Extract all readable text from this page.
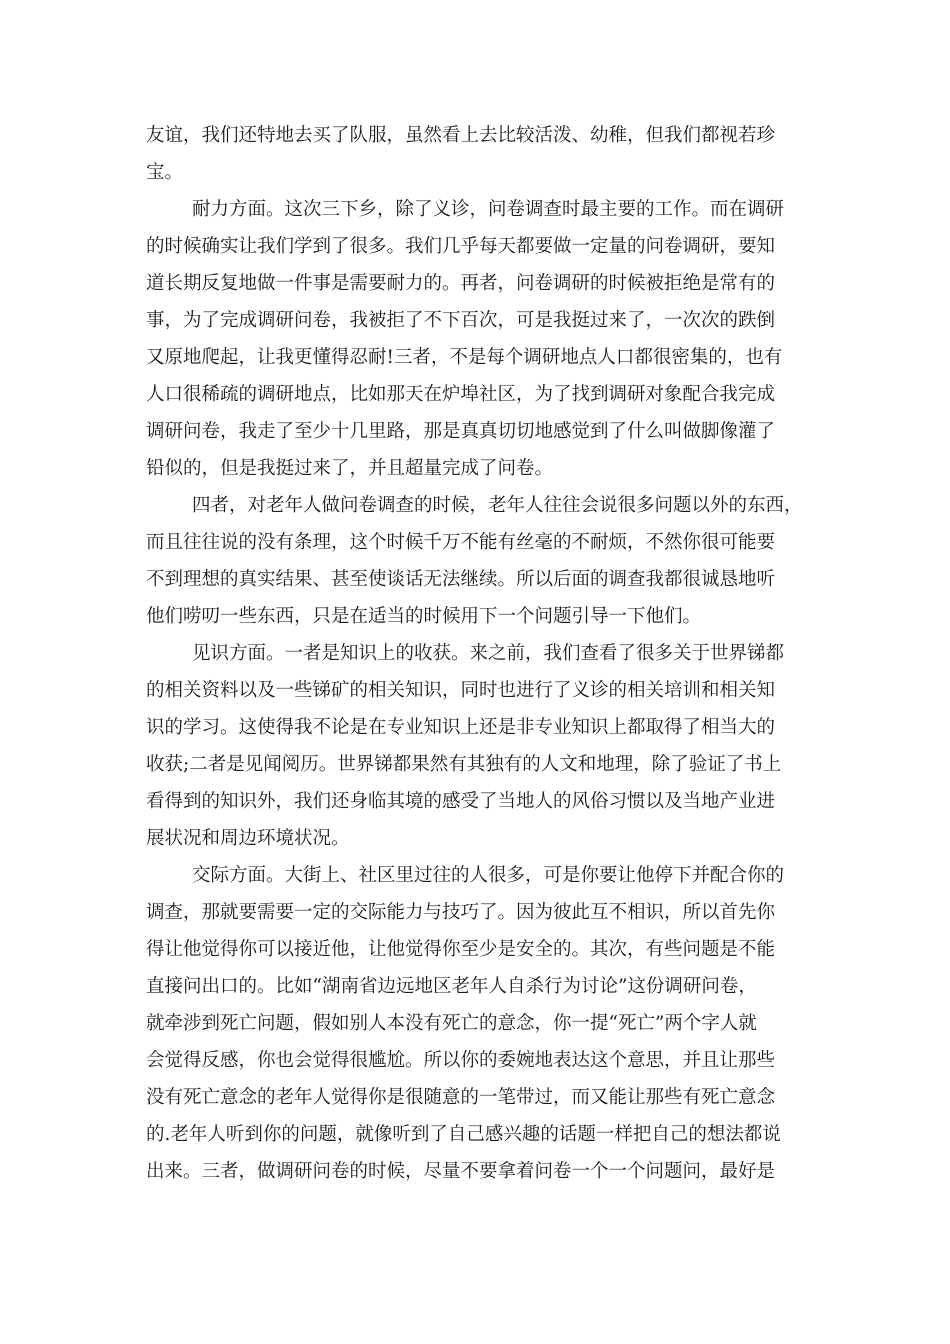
友谊，我们还特地去买了队服，虽然看上去比较活泼、幼稚，但我们都视若珍
宝。
耐力方面。这次三下乡，除了义诊，问卷调查时最主要的工作。而在调研
的时候确实让我们学到了很多。我们几乎每天都要做一定量的问卷调研，要知
道长期反复地做一件事是需要耐力的。再者，问卷调研的时候被拒绝是常有的
事，为了完成调研问卷，我被拒了不下百次，可是我挺过来了，一次次的跌倒
又原地爬起，让我更懂得忍耐!三者，不是每个调研地点人口都很密集的，也有
人口很稀疏的调研地点，比如那天在炉埠社区，为了找到调研对象配合我完成
调研问卷，我走了至少十几里路，那是真真切切地感觉到了什么叫做脚像灌了
铅似的，但是我挺过来了，并且超量完成了问卷。
四者，对老年人做问卷调查的时候，老年人往往会说很多问题以外的东西，
而且往往说的没有条理，这个时候千万不能有丝毫的不耐烦，不然你很可能要
不到理想的真实结果、甚至使谈话无法继续。所以后面的调查我都很诚恳地听
他们唠叨一些东西，只是在适当的时候用下一个问题引导一下他们。
见识方面。一者是知识上的收获。来之前，我们查看了很多关于世界锑都
的相关资料以及一些锑矿的相关知识，同时也进行了义诊的相关培训和相关知
识的学习。这使得我不论是在专业知识上还是非专业知识上都取得了相当大的
收获;二者是见闻阅历。世界锑都果然有其独有的人文和地理，除了验证了书上
看得到的知识外，我们还身临其境的感受了当地人的风俗习惯以及当地产业进
展状况和周边环境状况。
交际方面。大街上、社区里过往的人很多，可是你要让他停下并配合你的
调查，那就要需要一定的交际能力与技巧了。因为彼此互不相识，所以首先你
得让他觉得你可以接近他，让他觉得你至少是安全的。其次，有些问题是不能
直接问出口的。比如“湖南省边远地区老年人自杀行为讨论”这份调研问卷，
就牵涉到死亡问题，假如别人本没有死亡的意念，你一提“死亡”两个字人就
会觉得反感，你也会觉得很尴尬。所以你的委婉地表达这个意思，并且让那些
没有死亡意念的老年人觉得你是很随意的一笔带过，而又能让那些有死亡意念
的.老年人听到你的问题，就像听到了自己感兴趣的话题一样把自己的想法都说
出来。三者，做调研问卷的时候，尽量不要拿着问卷一个一个问题问，最好是
